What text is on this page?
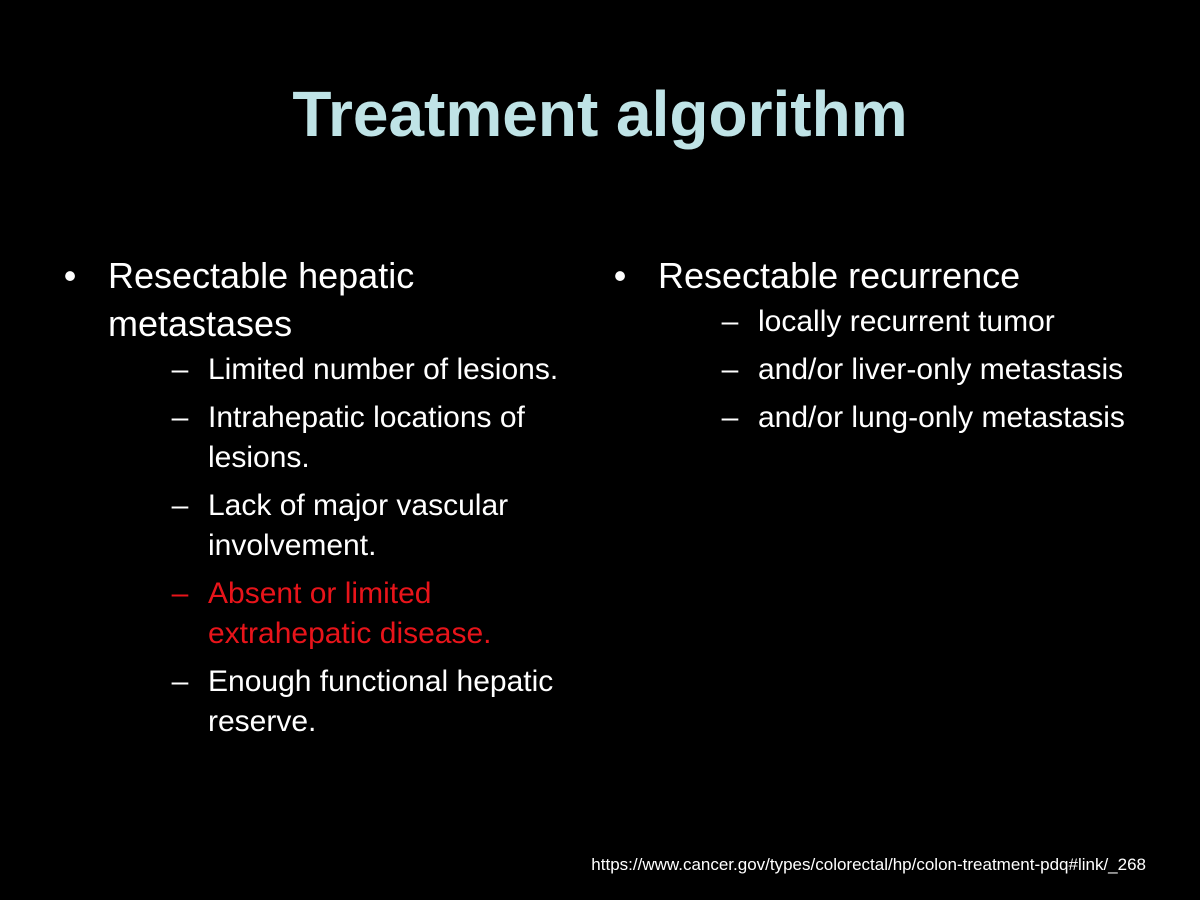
Treatment algorithm
• Resectable hepatic metastases
– Limited number of lesions.
– Intrahepatic locations of lesions.
– Lack of major vascular involvement.
– Absent or limited extrahepatic disease.
– Enough functional hepatic reserve.
• Resectable recurrence
– locally recurrent tumor
– and/or liver-only metastasis
– and/or lung-only metastasis
https://www.cancer.gov/types/colorectal/hp/colon-treatment-pdq#link/_268
